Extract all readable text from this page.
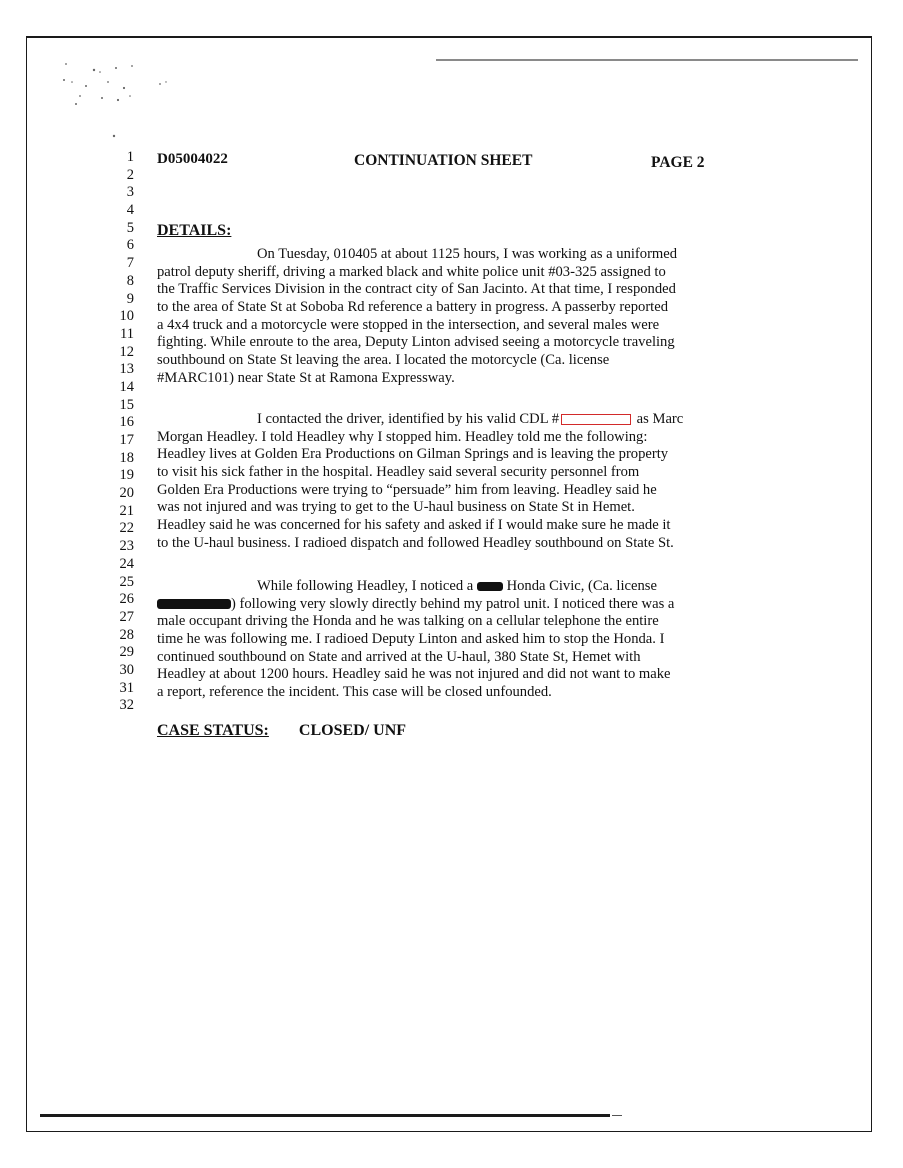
D05004022	CONTINUATION SHEET	PAGE 2
1
2
3
4
5
6
7
8
9
10
11
12
13
14
15
16
17
18
19
20
21
22
23
24
25
26
27
28
29
30
31
32
DETAILS:
On Tuesday, 010405 at about 1125 hours, I was working as a uniformed
patrol deputy sheriff, driving a marked black and white police unit #03-325 assigned to
the Traffic Services Division in the contract city of San Jacinto. At that time, I responded
to the area of State St at Soboba Rd reference a battery in progress. A passerby reported
a 4x4 truck and a motorcycle were stopped in the intersection, and several males were
fighting. While enroute to the area, Deputy Linton advised seeing a motorcycle traveling
southbound on State St leaving the area. I located the motorcycle (Ca. license
#MARC101) near State St at Ramona Expressway.
I contacted the driver, identified by his valid CDL #	as Marc
Morgan Headley. I told Headley why I stopped him. Headley told me the following:
Headley lives at Golden Era Productions on Gilman Springs and is leaving the property
to visit his sick father in the hospital. Headley said several security personnel from
Golden Era Productions were trying to “persuade” him from leaving. Headley said he
was not injured and was trying to get to the U-haul business on State St in Hemet.
Headley said he was concerned for his safety and asked if I would make sure he made it
to the U-haul business. I radioed dispatch and followed Headley southbound on State St.
While following Headley, I noticed a  Honda Civic, (Ca. license
) following very slowly directly behind my patrol unit. I noticed there was a
male occupant driving the Honda and he was talking on a cellular telephone the entire
time he was following me. I radioed Deputy Linton and asked him to stop the Honda. I
continued southbound on State and arrived at the U-haul, 380 State St, Hemet with
Headley at about 1200 hours. Headley said he was not injured and did not want to make
a report, reference the incident. This case will be closed unfounded.
CASE STATUS: CLOSED/ UNF
